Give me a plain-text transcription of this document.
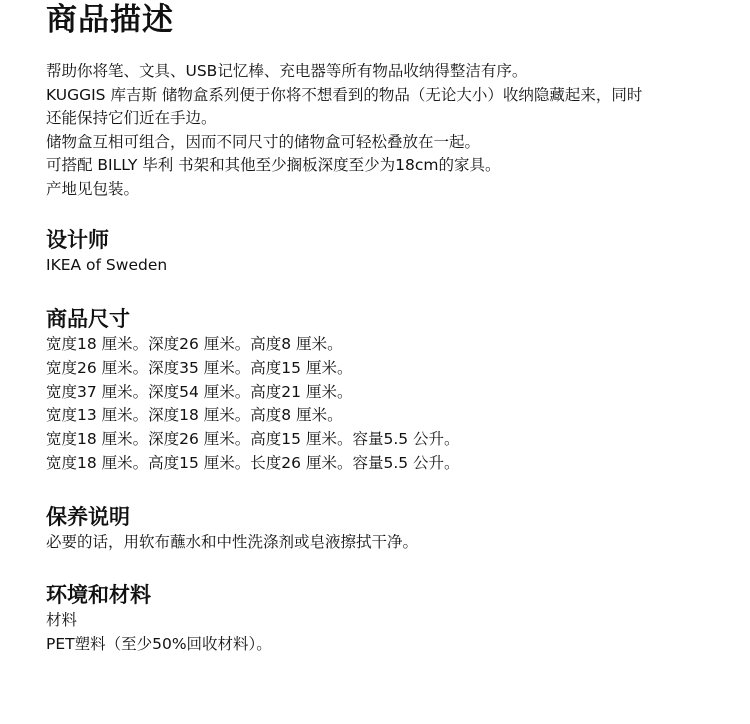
商品描述

帮助你将笔、文具、USB记忆棒、充电器等所有物品收纳得整洁有序。

KUGGIS 库吉斯 储物盒系列便于你将不想看到的物品（无论大小）收纳隐藏起来，同时

还能保持它们近在手边。

储物盒互相可组合，因而不同尺寸的储物盒可轻松叠放在一起。

可搭配 BILLY 毕利 书架和其他至少搁板深度至少为18cm的家具。

产地见包装。

设计师

IKEA of Sweden

商品尺寸

宽度18 厘米。深度26 厘米。高度8 厘米。

宽度26 厘米。深度35 厘米。高度15 厘米。

宽度37 厘米。深度54 厘米。高度21 厘米。

宽度13 厘米。深度18 厘米。高度8 厘米。

宽度18 厘米。深度26 厘米。高度15 厘米。容量5.5 公升。

宽度18 厘米。高度15 厘米。长度26 厘米。容量5.5 公升。

保养说明

必要的话，用软布蘸水和中性洗涤剂或皂液擦拭干净。

环境和材料

材料

PET塑料（至少50%回收材料）。
